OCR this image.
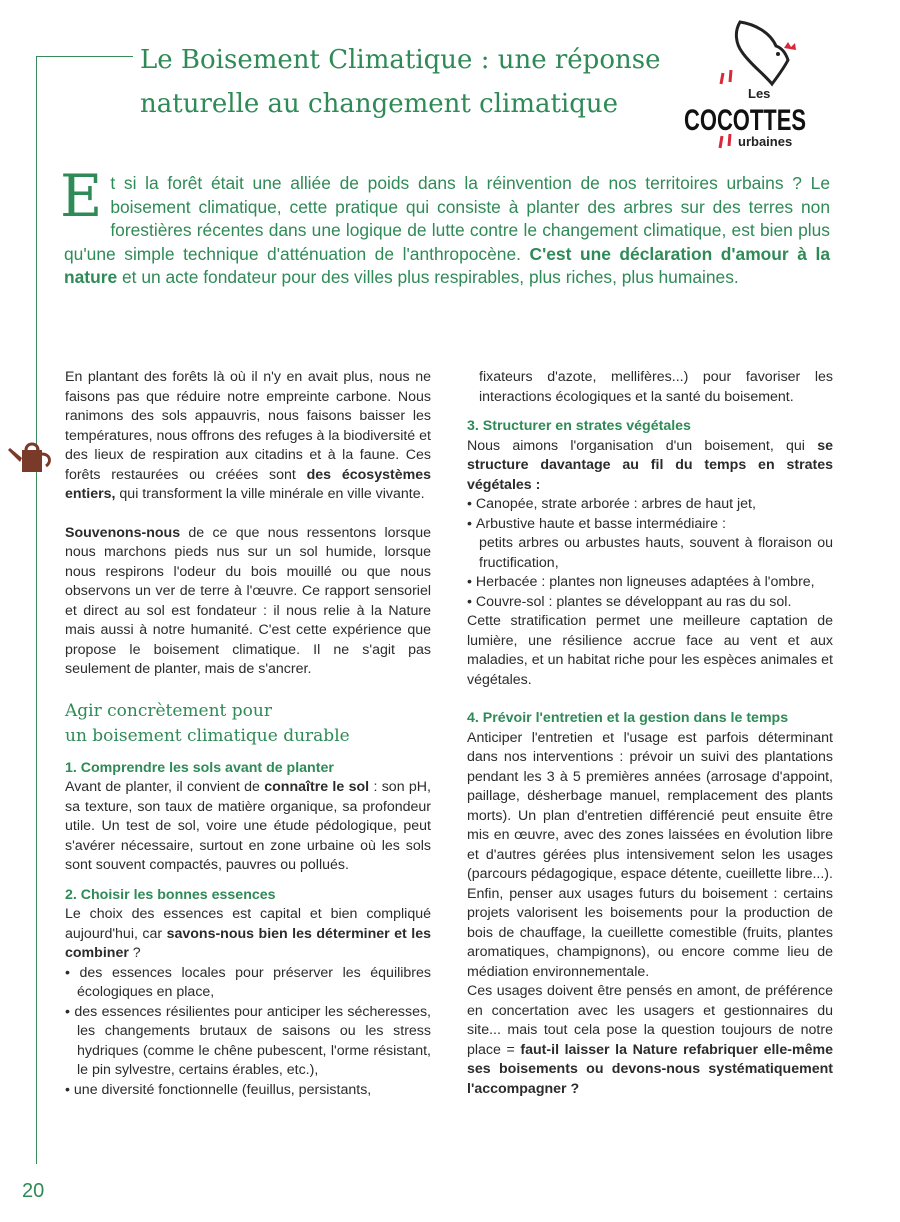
Le Boisement Climatique : une réponse
naturelle au changement climatique	Les
COCOTTES
urbaines

Et si la forêt était une alliée de poids dans la réinvention de nos territoires urbains ? Le boisement climatique, cette pratique qui consiste à planter des arbres sur des terres non forestières récentes dans une logique de lutte contre le changement climatique, est bien plus qu'une simple technique d'atténuation de l'anthropocène. C'est une déclaration d'amour à la nature et un acte fondateur pour des villes plus respirables, plus riches, plus humaines.

En plantant des forêts là où il n'y en avait plus, nous ne faisons pas que réduire notre empreinte carbone. Nous ranimons des sols appauvris, nous faisons baisser les températures, nous offrons des refuges à la biodiversité et des lieux de respiration aux citadins et à la faune. Ces forêts restaurées ou créées sont des écosystèmes entiers, qui transforment la ville minérale en ville vivante.

Souvenons-nous de ce que nous ressentons lorsque nous marchons pieds nus sur un sol humide, lorsque nous respirons l'odeur du bois mouillé ou que nous observons un ver de terre à l'œuvre. Ce rapport sensoriel et direct au sol est fondateur : il nous relie à la Nature mais aussi à notre humanité. C'est cette expérience que propose le boisement climatique. Il ne s'agit pas seulement de planter, mais de s'ancrer.

Agir concrètement pour
un boisement climatique durable
1. Comprendre les sols avant de planter

Avant de planter, il convient de connaître le sol : son pH, sa texture, son taux de matière organique, sa profondeur utile. Un test de sol, voire une étude pédologique, peut s'avérer nécessaire, surtout en zone urbaine où les sols sont souvent compactés, pauvres ou pollués.

2. Choisir les bonnes essences

Le choix des essences est capital et bien compliqué aujourd'hui, car savons-nous bien les déterminer et les combiner ?

• des essences locales pour préserver les équilibres écologiques en place,

• des essences résilientes pour anticiper les sécheresses, les changements brutaux de saisons ou les stress hydriques (comme le chêne pubescent, l'orme résistant, le pin sylvestre, certains érables, etc.),

• une diversité fonctionnelle (feuillus, persistants,

fixateurs d'azote, mellifères...) pour favoriser les interactions écologiques et la santé du boisement.

3. Structurer en strates végétales

Nous aimons l'organisation d'un boisement, qui se structure davantage au fil du temps en strates végétales :

• Canopée, strate arborée : arbres de haut jet,

• Arbustive haute et basse intermédiaire :

petits arbres ou arbustes hauts, souvent à floraison ou fructification,

• Herbacée : plantes non ligneuses adaptées à l'ombre,

• Couvre-sol : plantes se développant au ras du sol.

Cette stratification permet une meilleure captation de lumière, une résilience accrue face au vent et aux maladies, et un habitat riche pour les espèces animales et végétales.

4. Prévoir l'entretien et la gestion dans le temps

Anticiper l'entretien et l'usage est parfois déterminant dans nos interventions : prévoir un suivi des plantations pendant les 3 à 5 premières années (arrosage d'appoint, paillage, désherbage manuel, remplacement des plants morts). Un plan d'entretien différencié peut ensuite être mis en œuvre, avec des zones laissées en évolution libre et d'autres gérées plus intensivement selon les usages (parcours pédagogique, espace détente, cueillette libre...).

Enfin, penser aux usages futurs du boisement : certains projets valorisent les boisements pour la production de bois de chauffage, la cueillette comestible (fruits, plantes aromatiques, champignons), ou encore comme lieu de médiation environnementale.

Ces usages doivent être pensés en amont, de préférence en concertation avec les usagers et gestionnaires du site... mais tout cela pose la question toujours de notre place = faut-il laisser la Nature refabriquer elle-même ses boisements ou devons-nous systématiquement l'accompagner ?

20
